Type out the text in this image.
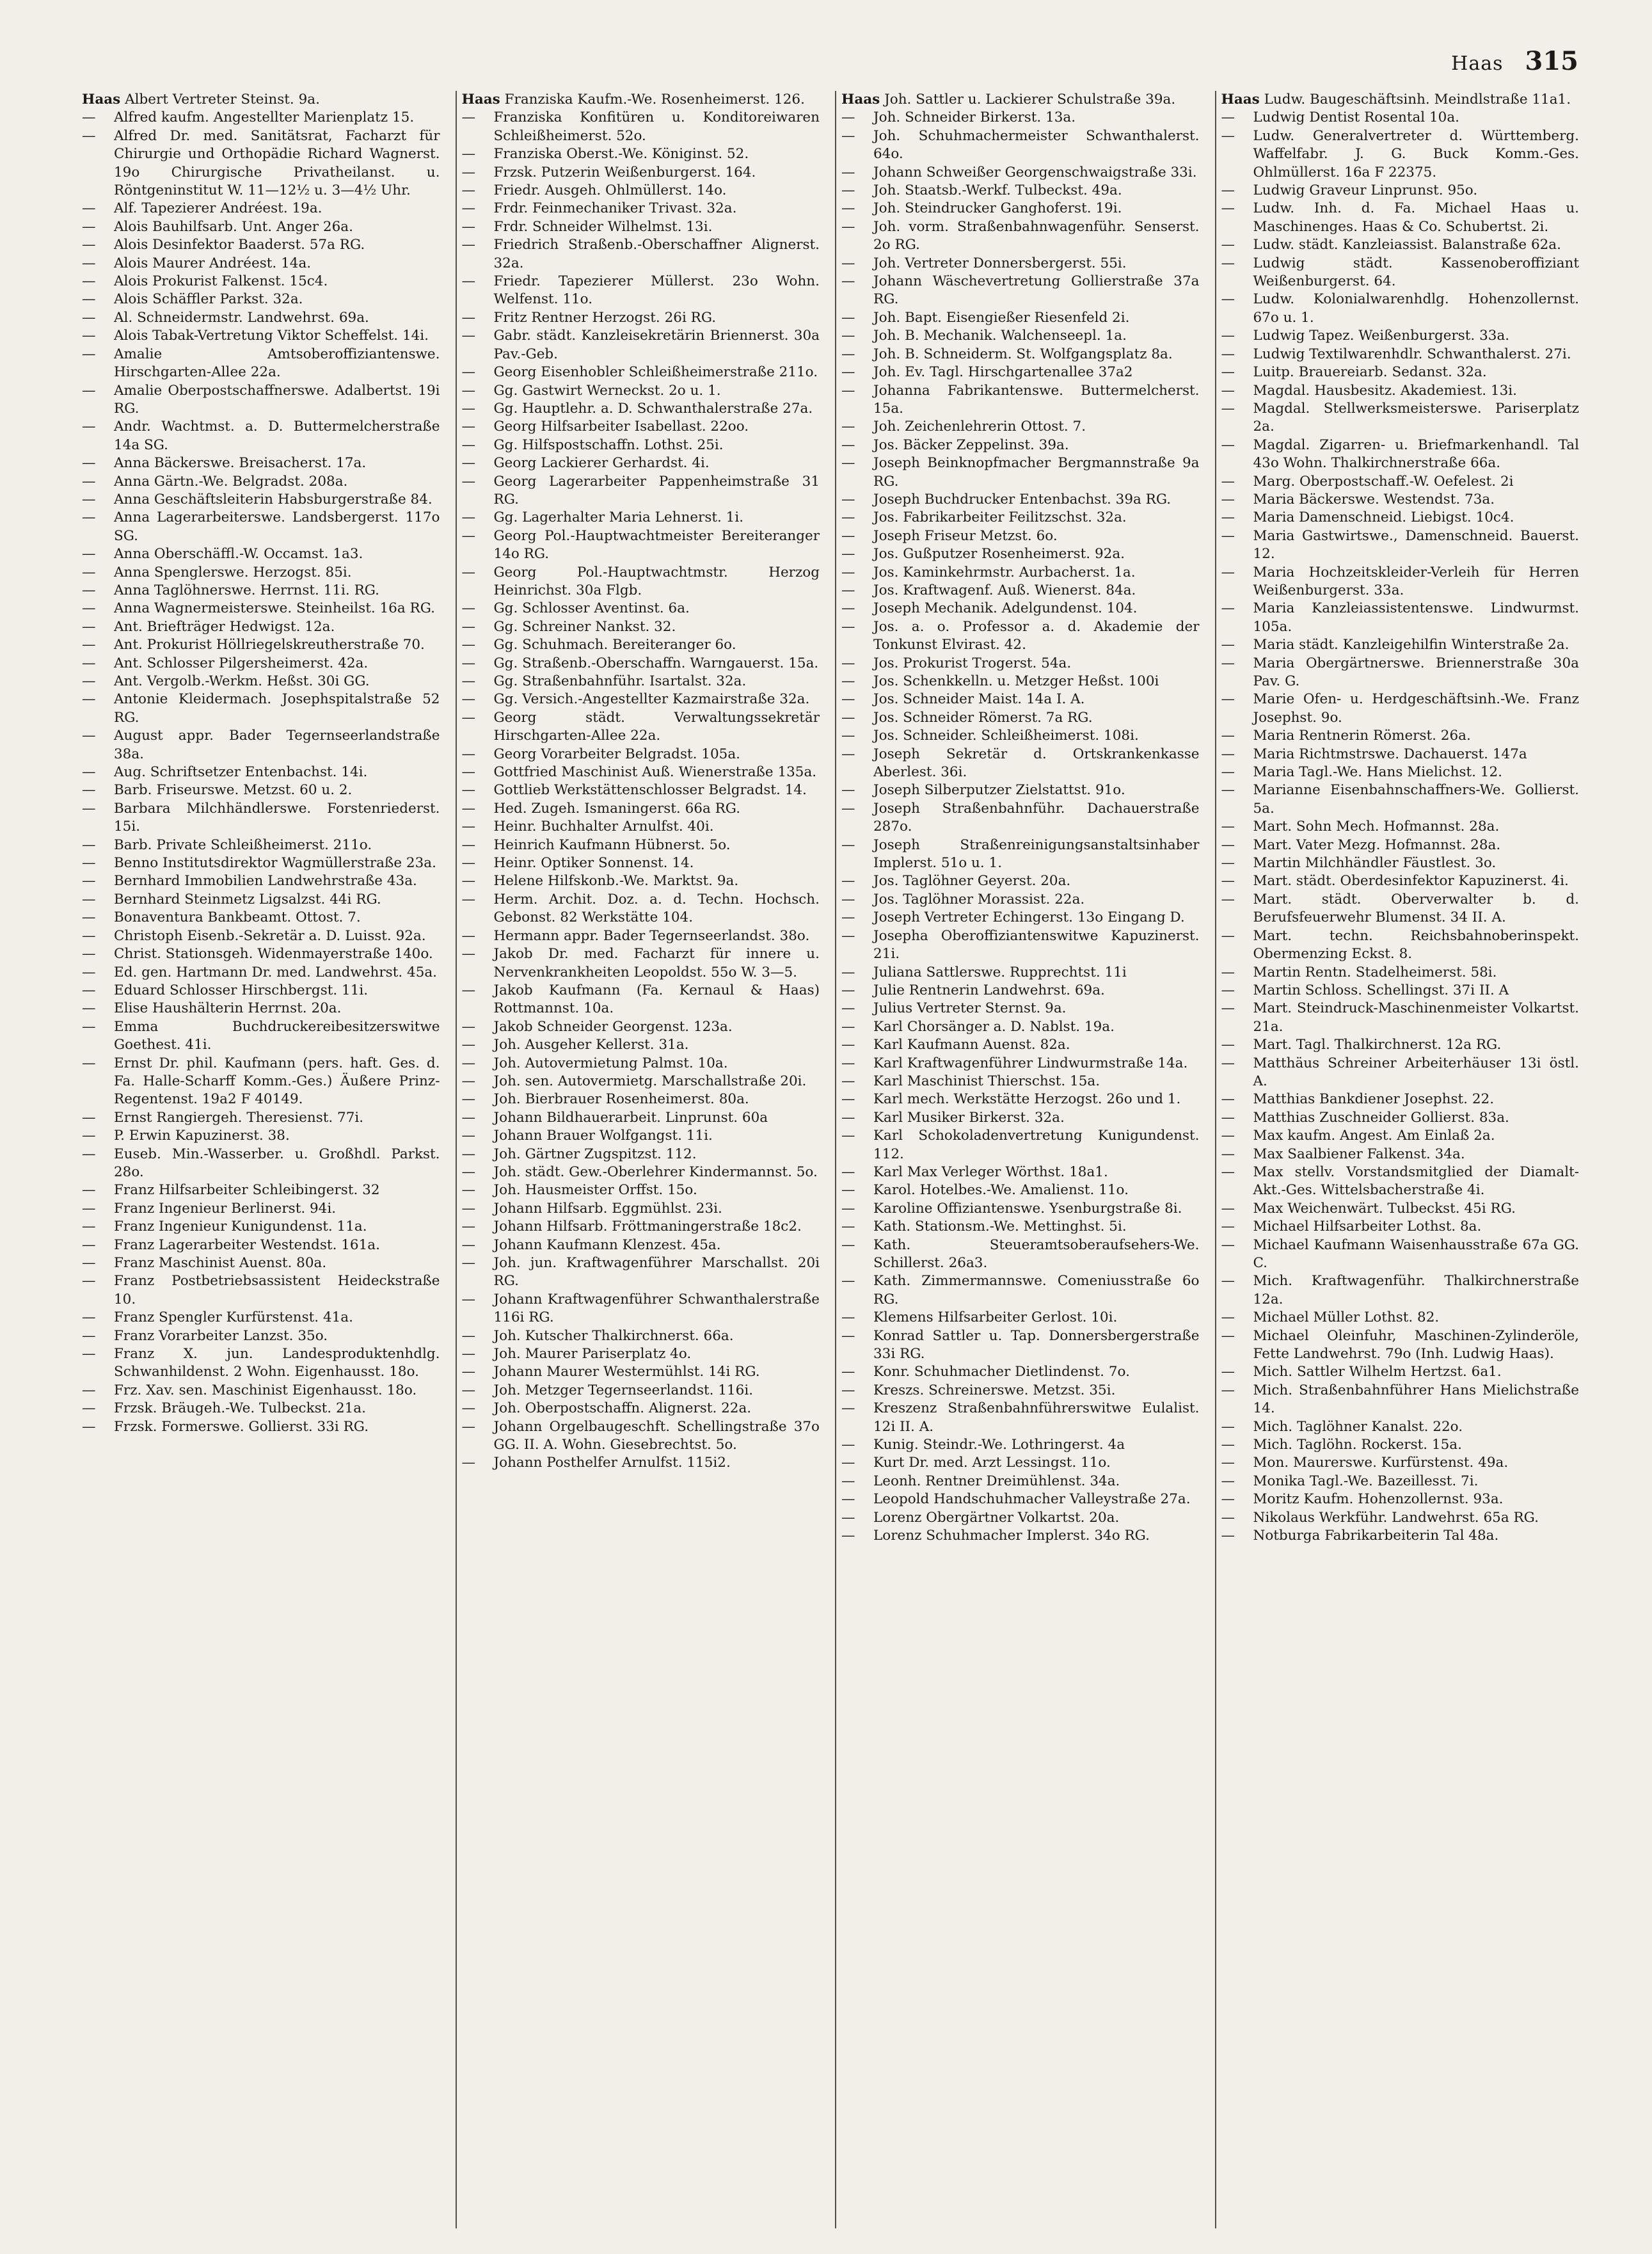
Haas 315
Haas Albert Vertreter Steinst. 9a.
— Alfred kaufm. Angestellter Marienplatz 15.
— Alfred Dr. med. Sanitätsrat, Facharzt für Chirurgie und Orthopädie Richard Wagnerst. 19o Chirurgische Privatheilanst. u. Röntgeninstitut W. 11—12½ u. 3—4½ Uhr.
— Alf. Tapezierer Andréest. 19a.
— Alois Bauhilfsarb. Unt. Anger 26a.
— Alois Desinfektor Baaderst. 57a RG.
— Alois Maurer Andréest. 14a.
— Alois Prokurist Falkenst. 15c4.
— Alois Schäffler Parkst. 32a.
— Al. Schneidermstr. Landwehrst. 69a.
— Alois Tabak-Vertretung Viktor Scheffelst. 14i.
— Amalie Amtsoberoffiziantenswe. Hirschgarten-Allee 22a.
— Amalie Oberpostschaffnerswe. Adalbertst. 19i RG.
— Andr. Wachtmst. a. D. Buttermelcherstraße 14a SG.
— Anna Bäckerswe. Breisacherst. 17a.
— Anna Gärtn.-We. Belgradst. 208a.
— Anna Geschäftsleiterin Habsburgerstraße 84.
— Anna Lagerarbeiterswe. Landsbergerst. 117o SG.
— Anna Oberschäffl.-W. Occamst. 1a3.
— Anna Spenglerswe. Herzogst. 85i.
— Anna Taglöhnerswe. Herrnst. 11i. RG.
— Anna Wagnermeisterswe. Steinheilst. 16a RG.
— Ant. Briefträger Hedwigst. 12a.
— Ant. Prokurist Höllriegelskreutherstraße 70.
— Ant. Schlosser Pilgersheimerst. 42a.
— Ant. Vergolb.-Werkm. Heßst. 30i GG.
— Antonie Kleidermach. Josephspitalstraße 52 RG.
— August appr. Bader Tegernseerlandstraße 38a.
— Aug. Schriftsetzer Entenbachst. 14i.
— Barb. Friseurswe. Metzst. 60 u. 2.
— Barbara Milchhändlerswe. Forstenriederst. 15i.
— Barb. Private Schleißheimerst. 211o.
— Benno Institutsdirektor Wagmüllerstraße 23a.
— Bernhard Immobilien Landwehrstraße 43a.
— Bernhard Steinmetz Ligsalzst. 44i RG.
— Bonaventura Bankbeamt. Ottost. 7.
— Christoph Eisenb.-Sekretär a. D. Luisst. 92a.
— Christ. Stationsgeh. Widenmayerstraße 140o.
— Ed. gen. Hartmann Dr. med. Landwehrst. 45a.
— Eduard Schlosser Hirschbergst. 11i.
— Elise Haushälterin Herrnst. 20a.
— Emma Buchdruckereibesitzerswitwe Goethest. 41i.
— Ernst Dr. phil. Kaufmann (pers. haft. Ges. d. Fa. Halle-Scharff Komm.-Ges.) Äußere Prinz-Regentenst. 19a2 F 40149.
— Ernst Rangiergeh. Theresienst. 77i.
— P. Erwin Kapuzinerst. 38.
— Euseb. Min.-Wasserber. u. Großhdl. Parkst. 28o.
— Franz Hilfsarbeiter Schleibingerst. 32
— Franz Ingenieur Berlinerst. 94i.
— Franz Ingenieur Kunigundenst. 11a.
— Franz Lagerarbeiter Westendst. 161a.
— Franz Maschinist Auenst. 80a.
— Franz Postbetriebsassistent Heideckstraße 10.
— Franz Spengler Kurfürstenst. 41a.
— Franz Vorarbeiter Lanzst. 35o.
— Franz X. jun. Landesproduktenhdlg. Schwanhildenst. 2 Wohn. Eigenhausst. 18o.
— Frz. Xav. sen. Maschinist Eigenhausst. 18o.
— Frzsk. Bräugeh.-We. Tulbeckst. 21a.
— Frzsk. Formerswe. Gollierst. 33i RG.
Haas Franziska Kaufm.-We. Rosenheimerst. 126.
— Franziska Konfitüren u. Konditoreiwaren Schleißheimerst. 52o.
— Franziska Oberst.-We. Königinst. 52.
— Frzsk. Putzerin Weißenburgerst. 164.
— Friedr. Ausgeh. Ohlmüllerst. 14o.
— Frdr. Feinmechaniker Trivast. 32a.
— Frdr. Schneider Wilhelmst. 13i.
— Friedrich Straßenb.-Oberschaffner Alignerst. 32a.
— Friedr. Tapezierer Müllerst. 23o Wohn. Welfenst. 11o.
— Fritz Rentner Herzogst. 26i RG.
— Gabr. städt. Kanzleisekretärin Briennerst. 30a Pav.-Geb.
— Georg Eisenhobler Schleißheimerstraße 211o.
— Gg. Gastwirt Werneckst. 2o u. 1.
— Gg. Hauptlehr. a. D. Schwanthalerstraße 27a.
— Georg Hilfsarbeiter Isabellast. 22oo.
— Gg. Hilfspostschaffn. Lothst. 25i.
— Georg Lackierer Gerhardst. 4i.
— Georg Lagerarbeiter Pappenheimstraße 31 RG.
— Gg. Lagerhalter Maria Lehnerst. 1i.
— Georg Pol.-Hauptwachtmeister Bereiteranger 14o RG.
— Georg Pol.-Hauptwachtmstr. Herzog Heinrichst. 30a Flgb.
— Gg. Schlosser Aventinst. 6a.
— Gg. Schreiner Nankst. 32.
— Gg. Schuhmach. Bereiteranger 6o.
— Gg. Straßenb.-Oberschaffn. Warngauerst. 15a.
— Gg. Straßenbahnführ. Isartalst. 32a.
— Gg. Versich.-Angestellter Kazmairstraße 32a.
— Georg städt. Verwaltungssekretär Hirschgarten-Allee 22a.
— Georg Vorarbeiter Belgradst. 105a.
— Gottfried Maschinist Auß. Wienerstraße 135a.
— Gottlieb Werkstättenschlosser Belgradst. 14.
— Hed. Zugeh. Ismaningerst. 66a RG.
— Heinr. Buchhalter Arnulfst. 40i.
— Heinrich Kaufmann Hübnerst. 5o.
— Heinr. Optiker Sonnenst. 14.
— Helene Hilfskonb.-We. Marktst. 9a.
— Herm. Archit. Doz. a. d. Techn. Hochsch. Gebonst. 82 Werkstätte 104.
— Hermann appr. Bader Tegernseerlandst. 38o.
— Jakob Dr. med. Facharzt für innere u. Nervenkrankheiten Leopoldst. 55o W. 3—5.
— Jakob Kaufmann (Fa. Kernaul & Haas) Rottmannst. 10a.
— Jakob Schneider Georgenst. 123a.
— Joh. Ausgeher Kellerst. 31a.
— Joh. Autovermietung Palmst. 10a.
— Joh. sen. Autovermietg. Marschallstraße 20i.
— Joh. Bierbrauer Rosenheimerst. 80a.
— Johann Bildhauerarbeit. Linprunst. 60a
— Johann Brauer Wolfgangst. 11i.
— Joh. Gärtner Zugspitzst. 112.
— Joh. städt. Gew.-Oberlehrer Kindermannst. 5o.
— Joh. Hausmeister Orffst. 15o.
— Johann Hilfsarb. Eggmühlst. 23i.
— Johann Hilfsarb. Fröttmaningerstraße 18c2.
— Johann Kaufmann Klenzest. 45a.
— Joh. jun. Kraftwagenführer Marschallst. 20i RG.
— Johann Kraftwagenführer Schwanthalerstraße 116i RG.
— Joh. Kutscher Thalkirchnerst. 66a.
— Joh. Maurer Pariserplatz 4o.
— Johann Maurer Westermühlst. 14i RG.
— Joh. Metzger Tegernseerlandst. 116i.
— Joh. Oberpostschaffn. Alignerst. 22a.
— Johann Orgelbaugeschft. Schellingstraße 37o GG. II. A. Wohn. Giesebrechtst. 5o.
— Johann Posthelfer Arnulfst. 115i2.
Haas Joh. Sattler u. Lackierer Schulstraße 39a.
— Joh. Schneider Birkerst. 13a.
— Joh. Schuhmachermeister Schwanthalerst. 64o.
— Johann Schweißer Georgenschwaigstraße 33i.
— Joh. Staatsb.-Werkf. Tulbeckst. 49a.
— Joh. Steindrucker Ganghoferst. 19i.
— Joh. vorm. Straßenbahnwagenführ. Senserst. 2o RG.
— Joh. Vertreter Donnersbergerst. 55i.
— Johann Wäschevertretung Gollierstraße 37a RG.
— Joh. Bapt. Eisengießer Riesenfeld 2i.
— Joh. B. Mechanik. Walchenseepl. 1a.
— Joh. B. Schneiderm. St. Wolfgangsplatz 8a.
— Joh. Ev. Tagl. Hirschgartenallee 37a2
— Johanna Fabrikantenswe. Buttermelcherst. 15a.
— Joh. Zeichenlehrerin Ottost. 7.
— Jos. Bäcker Zeppelinst. 39a.
— Joseph Beinknopfmacher Bergmannstraße 9a RG.
— Joseph Buchdrucker Entenbachst. 39a RG.
— Jos. Fabrikarbeiter Feilitzschst. 32a.
— Joseph Friseur Metzst. 6o.
— Jos. Gußputzer Rosenheimerst. 92a.
— Jos. Kaminkehrmstr. Aurbacherst. 1a.
— Jos. Kraftwagenf. Auß. Wienerst. 84a.
— Joseph Mechanik. Adelgundenst. 104.
— Jos. a. o. Professor a. d. Akademie der Tonkunst Elvirast. 42.
— Jos. Prokurist Trogerst. 54a.
— Jos. Schenkkelln. u. Metzger Heßst. 100i
— Jos. Schneider Maist. 14a I. A.
— Jos. Schneider Römerst. 7a RG.
— Jos. Schneider. Schleißheimerst. 108i.
— Joseph Sekretär d. Ortskrankenkasse Aberlest. 36i.
— Joseph Silberputzer Zielstattst. 91o.
— Joseph Straßenbahnführ. Dachauerstraße 287o.
— Joseph Straßenreinigungsanstaltsinhaber Implerst. 51o u. 1.
— Jos. Taglöhner Geyerst. 20a.
— Jos. Taglöhner Morassist. 22a.
— Joseph Vertreter Echingerst. 13o Eingang D.
— Josepha Oberoffiziantenswitwe Kapuzinerst. 21i.
— Juliana Sattlerswe. Rupprechtst. 11i
— Julie Rentnerin Landwehrst. 69a.
— Julius Vertreter Sternst. 9a.
— Karl Chorsänger a. D. Nablst. 19a.
— Karl Kaufmann Auenst. 82a.
— Karl Kraftwagenführer Lindwurmstraße 14a.
— Karl Maschinist Thierschst. 15a.
— Karl mech. Werkstätte Herzogst. 26o und 1.
— Karl Musiker Birkerst. 32a.
— Karl Schokoladenvertretung Kunigundenst. 112.
— Karl Max Verleger Wörthst. 18a1.
— Karol. Hotelbes.-We. Amalienst. 11o.
— Karoline Offiziantenswe. Ysenburgstraße 8i.
— Kath. Stationsm.-We. Mettinghst. 5i.
— Kath. Steueramtsoberaufsehers-We. Schillerst. 26a3.
— Kath. Zimmermannswe. Comeniusstraße 6o RG.
— Klemens Hilfsarbeiter Gerlost. 10i.
— Konrad Sattler u. Tap. Donnersbergerstraße 33i RG.
— Konr. Schuhmacher Dietlindenst. 7o.
— Kreszs. Schreinerswe. Metzst. 35i.
— Kreszenz Straßenbahnführerswitwe Eulalist. 12i II. A.
— Kunig. Steindr.-We. Lothringerst. 4a
— Kurt Dr. med. Arzt Lessingst. 11o.
— Leonh. Rentner Dreimühlenst. 34a.
— Leopold Handschuhmacher Valleystraße 27a.
— Lorenz Obergärtner Volkartst. 20a.
— Lorenz Schuhmacher Implerst. 34o RG.
Haas Ludw. Baugeschäftsinh. Meindlstraße 11a1.
— Ludwig Dentist Rosental 10a.
— Ludw. Generalvertreter d. Württemberg. Waffelfabr. J. G. Buck Komm.-Ges. Ohlmüllerst. 16a F 22375.
— Ludwig Graveur Linprunst. 95o.
— Ludw. Inh. d. Fa. Michael Haas u. Maschinenges. Haas & Co. Schubertst. 2i.
— Ludw. städt. Kanzleiassist. Balanstraße 62a.
— Ludwig städt. Kassenoberoffiziant Weißenburgerst. 64.
— Ludw. Kolonialwarenhdlg. Hohenzollernst. 67o u. 1.
— Ludwig Tapez. Weißenburgerst. 33a.
— Ludwig Textilwarenhdlr. Schwanthalerst. 27i.
— Luitp. Brauereiarb. Sedanst. 32a.
— Magdal. Hausbesitz. Akademiest. 13i.
— Magdal. Stellwerksmeisterswe. Pariserplatz 2a.
— Magdal. Zigarren- u. Briefmarkenhandl. Tal 43o Wohn. Thalkirchnerstraße 66a.
— Marg. Oberpostschaff.-W. Oefelest. 2i
— Maria Bäckerswe. Westendst. 73a.
— Maria Damenschneid. Liebigst. 10c4.
— Maria Gastwirtswe., Damenschneid. Bauerst. 12.
— Maria Hochzeitskleider-Verleih für Herren Weißenburgerst. 33a.
— Maria Kanzleiassistentenswe. Lindwurmst. 105a.
— Maria städt. Kanzleigehilfin Winterstraße 2a.
— Maria Obergärtnerswe. Briennerstraße 30a Pav. G.
— Marie Ofen- u. Herdgeschäftsinh.-We. Franz Josephst. 9o.
— Maria Rentnerin Römerst. 26a.
— Maria Richtmstrswe. Dachauerst. 147a
— Maria Tagl.-We. Hans Mielichst. 12.
— Marianne Eisenbahnschaffners-We. Gollierst. 5a.
— Mart. Sohn Mech. Hofmannst. 28a.
— Mart. Vater Mezg. Hofmannst. 28a.
— Martin Milchhändler Fäustlest. 3o.
— Mart. städt. Oberdesinfektor Kapuzinerst. 4i.
— Mart. städt. Oberverwalter b. d. Berufsfeuerwehr Blumenst. 34 II. A.
— Mart. techn. Reichsbahnoberinspekt. Obermenzing Eckst. 8.
— Martin Rentn. Stadelheimerst. 58i.
— Martin Schloss. Schellingst. 37i II. A
— Mart. Steindruck-Maschinenmeister Volkartst. 21a.
— Mart. Tagl. Thalkirchnerst. 12a RG.
— Matthäus Schreiner Arbeiterhäuser 13i östl. A.
— Matthias Bankdiener Josephst. 22.
— Matthias Zuschneider Gollierst. 83a.
— Max kaufm. Angest. Am Einlaß 2a.
— Max Saalbiener Falkenst. 34a.
— Max stellv. Vorstandsmitglied der Diamalt-Akt.-Ges. Wittelsbacherstraße 4i.
— Max Weichenwärt. Tulbeckst. 45i RG.
— Michael Hilfsarbeiter Lothst. 8a.
— Michael Kaufmann Waisenhausstraße 67a GG. C.
— Mich. Kraftwagenführ. Thalkirchnerstraße 12a.
— Michael Müller Lothst. 82.
— Michael Oleinfuhr, Maschinen-Zylinderöle, Fette Landwehrst. 79o (Inh. Ludwig Haas).
— Mich. Sattler Wilhelm Hertzst. 6a1.
— Mich. Straßenbahnführer Hans Mielichstraße 14.
— Mich. Taglöhner Kanalst. 22o.
— Mich. Taglöhn. Rockerst. 15a.
— Mon. Maurerswe. Kurfürstenst. 49a.
— Monika Tagl.-We. Bazeillesst. 7i.
— Moritz Kaufm. Hohenzollernst. 93a.
— Nikolaus Werkführ. Landwehrst. 65a RG.
— Notburga Fabrikarbeiterin Tal 48a.
